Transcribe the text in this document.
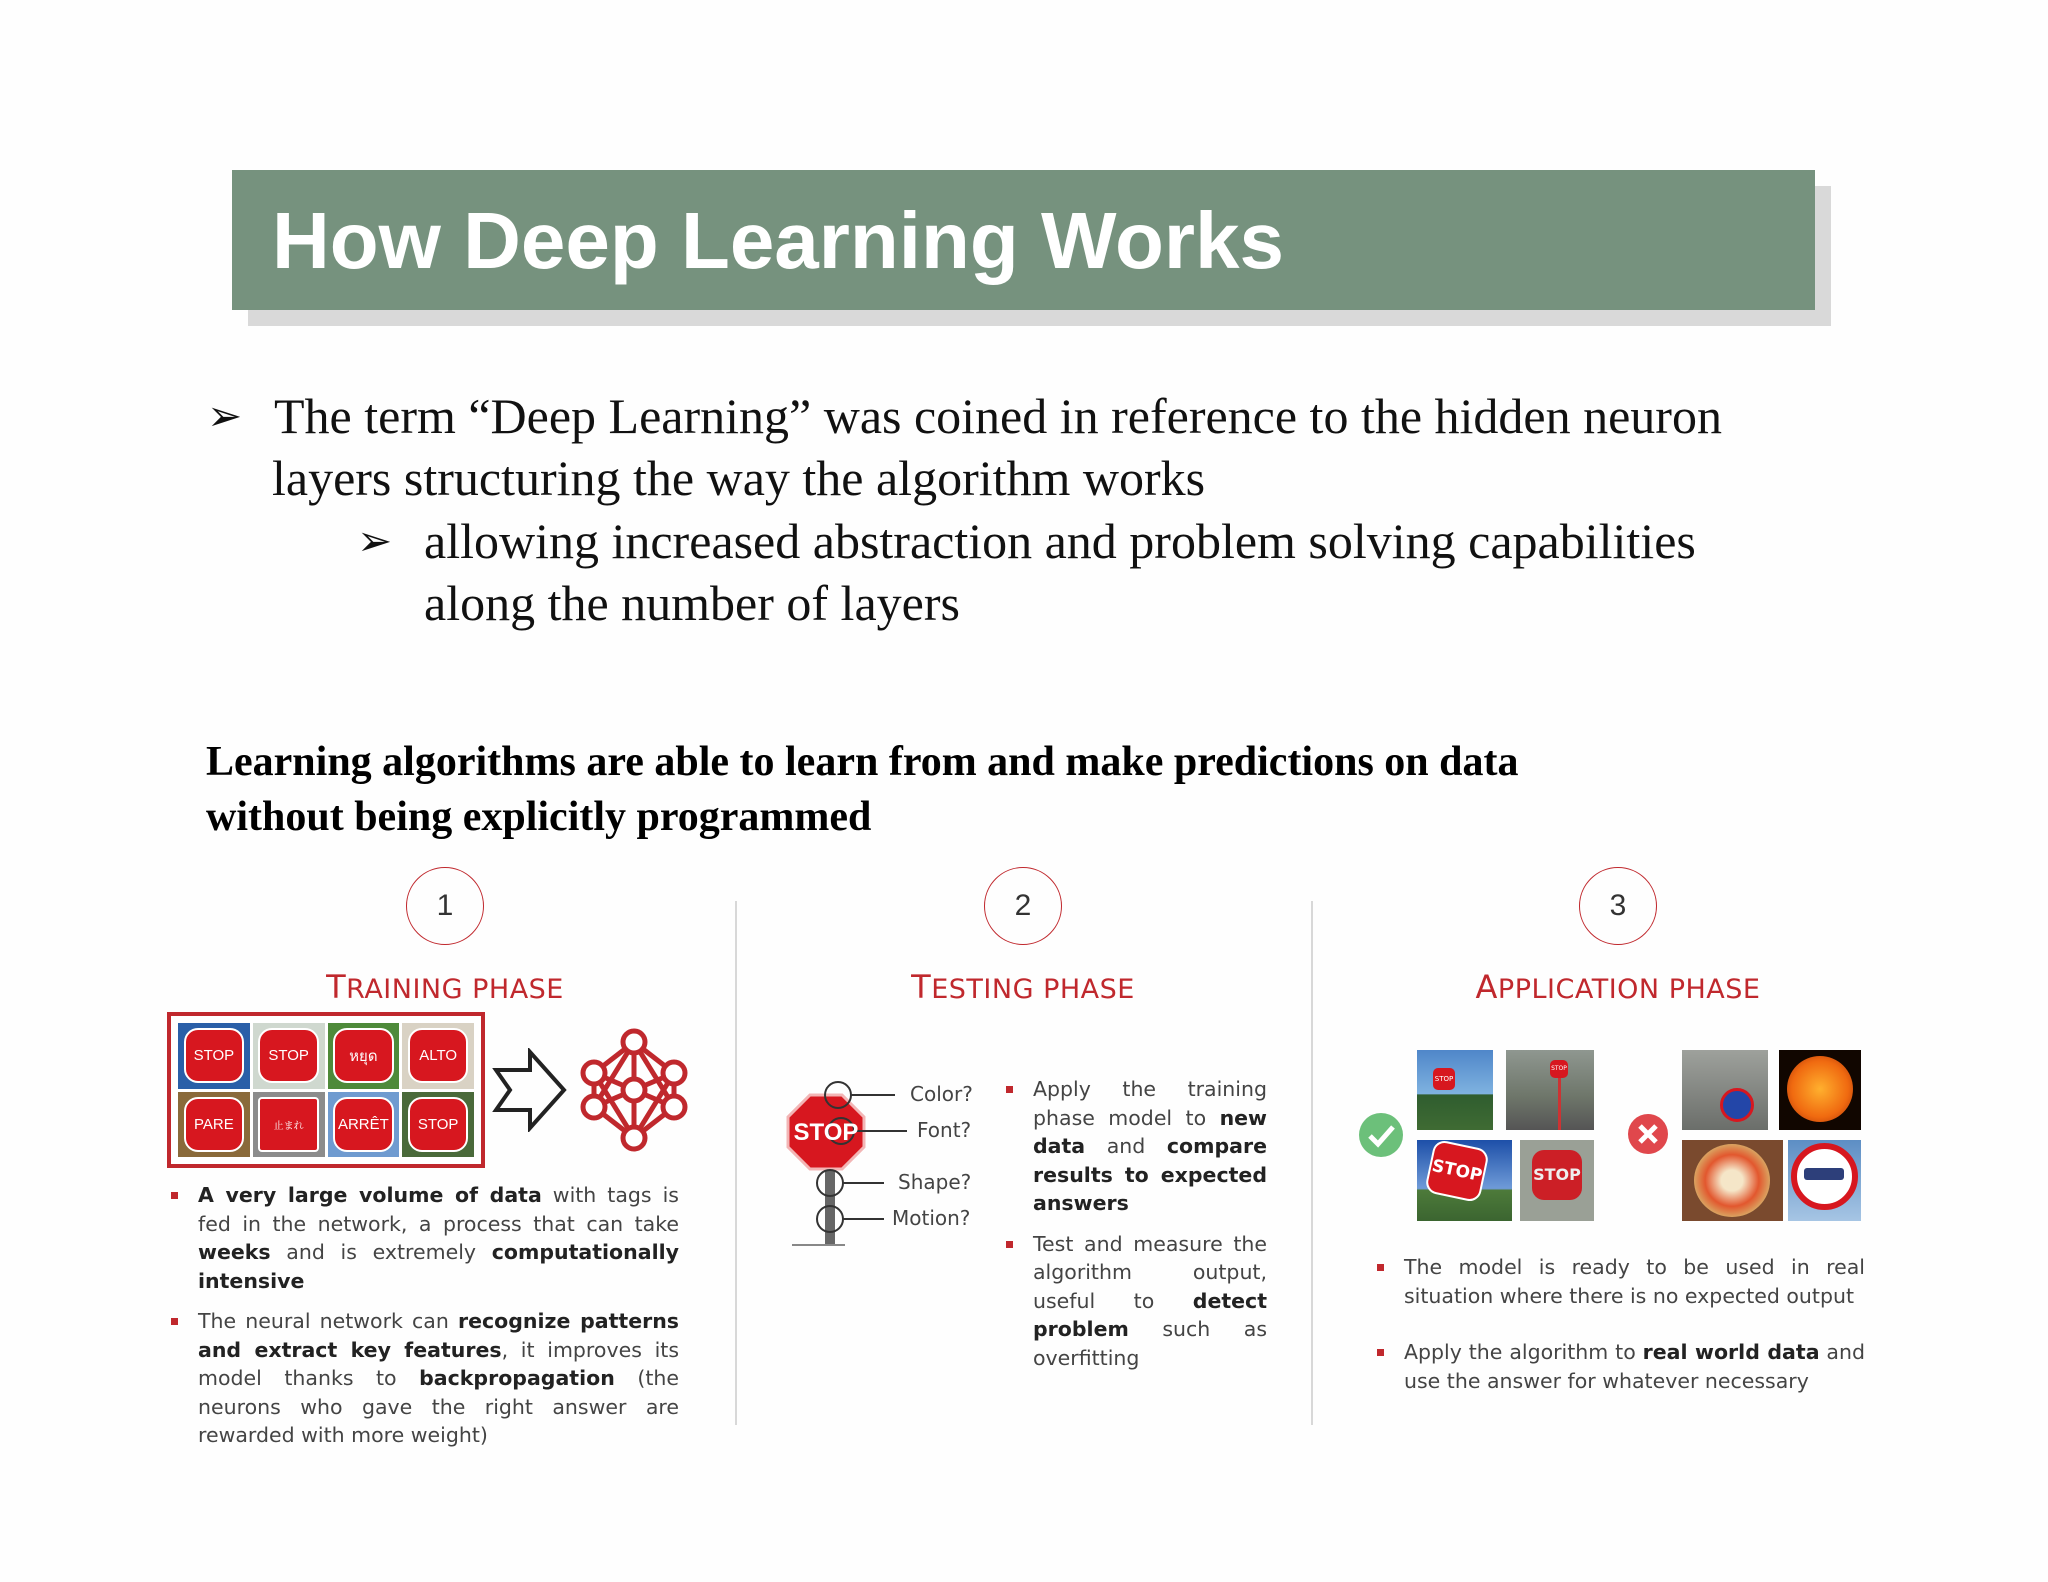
How Deep Learning Works
➢ The term “Deep Learning” was coined in reference to the hidden neuron
layers structuring the way the algorithm works
➢ allowing increased abstraction and problem solving capabilities
along the number of layers
Learning algorithms are able to learn from and make predictions on data
without being explicitly programmed
1
TRAINING PHASE
STOP	STOP	หยุด	ALTO
PARE	止まれ	ARRÊT	STOP
A very large volume of data with tags is fed in the network, a process that can take weeks and is extremely computationally intensive
The neural network can recognize patterns and extract key features, it improves its model thanks to backpropagation (the neurons who gave the right answer are rewarded with more weight)
2
TESTING PHASE
STOP
Color?
Font?
Shape?
Motion?
Apply the training phase model to new data and compare results to expected answers
Test and measure the algorithm output, useful to detect problem such as overfitting
3
APPLICATION PHASE
STOP
STOP
STOP	STOP
The model is ready to be used in real situation where there is no expected output
Apply the algorithm to real world data and use the answer for whatever necessary
